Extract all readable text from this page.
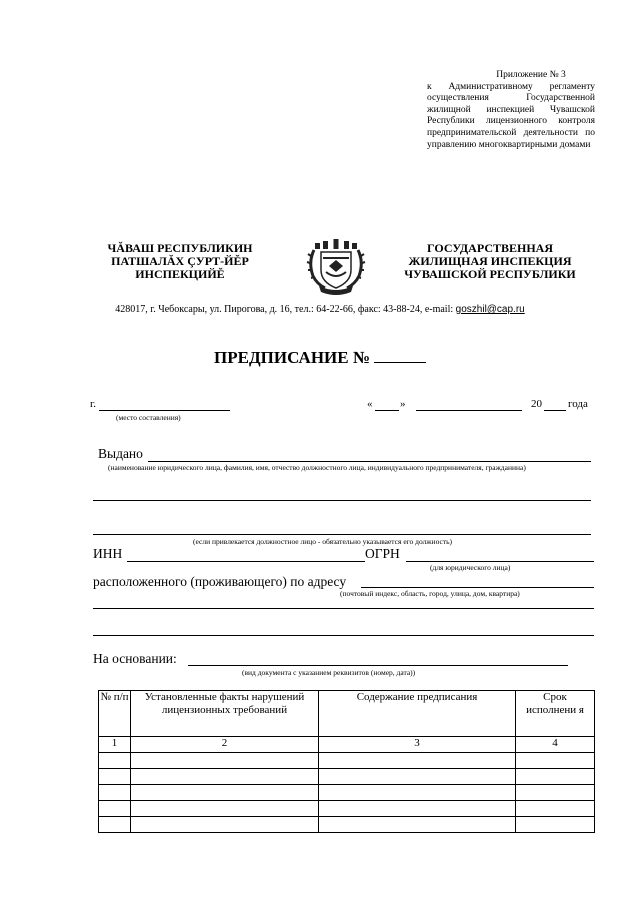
Приложение № 3
к Административному регламенту осуществления Государственной жилищной инспекцией Чувашской Республики лицензионного контроля предпринимательской деятельности по управлению многоквартирными домами
ЧĂВАШ РЕСПУБЛИКИН
ПАТШАЛĂХ ÇУРТ-ЙĔР
ИНСПЕКЦИЙĔ
ГОСУДАРСТВЕННАЯ
ЖИЛИЩНАЯ ИНСПЕКЦИЯ
ЧУВАШСКОЙ РЕСПУБЛИКИ
428017, г. Чебоксары, ул. Пирогова, д. 16, тел.: 64-22-66, факс: 43-88-24, e-mail: goszhil@cap.ru
ПРЕДПИСАНИЕ №
г.
(место составления)
«	»	20 года
Выдано
(наименование юридического лица, фамилия, имя, отчество должностного лица, индивидуального предпринимателя, гражданина)
(если привлекается должностное лицо - обязательно указывается его должность)
ИНН	ОГРН
(для юридического лица)
расположенного (проживающего) по адресу
(почтовый индекс, область, город, улица, дом, квартира)
На основании:
(вид документа с указанием реквизитов (номер, дата))
№ п/п	Установленные факты нарушений лицензионных требований	Содержание предписания	Срок исполнени я
1	2	3	4
